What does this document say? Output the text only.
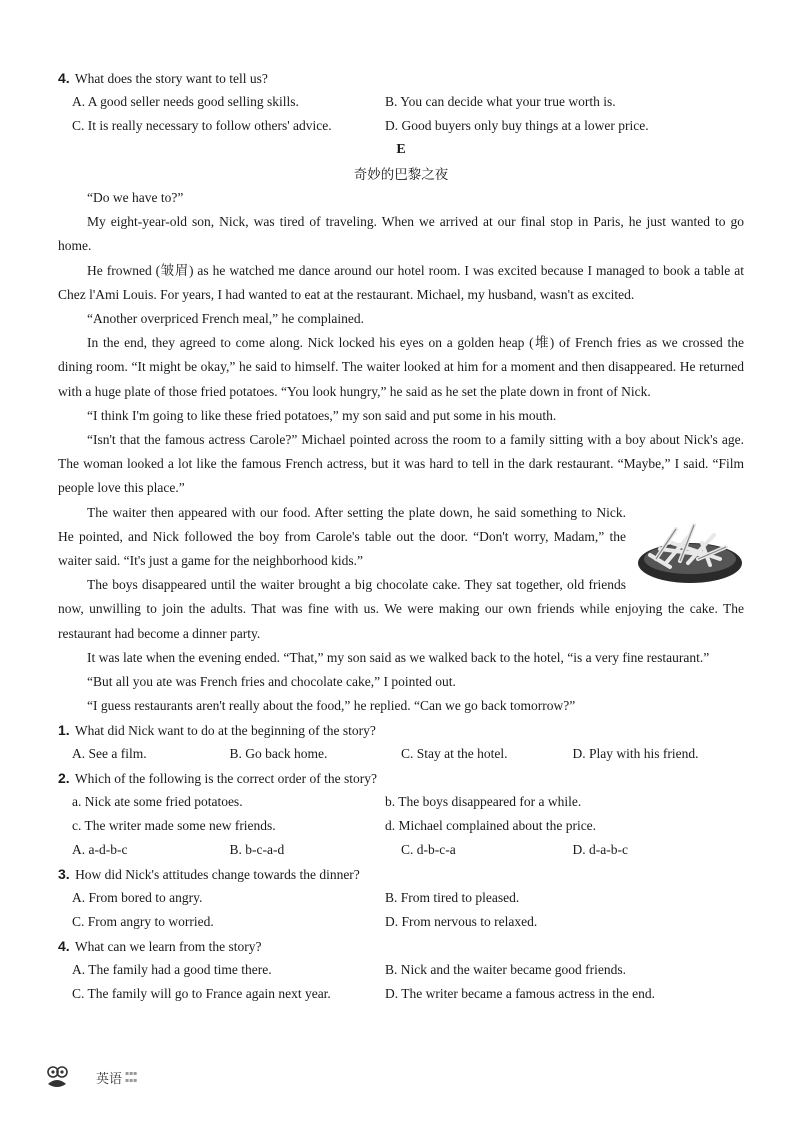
4. What does the story want to tell us?
A. A good seller needs good selling skills.	B. You can decide what your true worth is.
C. It is really necessary to follow others' advice.	D. Good buyers only buy things at a lower price.
E
奇妙的巴黎之夜

“Do we have to?”

My eight-year-old son, Nick, was tired of traveling. When we arrived at our final stop in Paris, he just wanted to go home.

He frowned (皱眉) as he watched me dance around our hotel room. I was excited because I managed to book a table at Chez l'Ami Louis. For years, I had wanted to eat at the restaurant. Michael, my husband, wasn't as excited.

“Another overpriced French meal,” he complained.

In the end, they agreed to come along. Nick locked his eyes on a golden heap (堆) of French fries as we crossed the dining room. “It might be okay,” he said to himself. The waiter looked at him for a moment and then disappeared. He returned with a huge plate of those fried potatoes. “You look hungry,” he said as he set the plate down in front of Nick.

“I think I'm going to like these fried potatoes,” my son said and put some in his mouth.

“Isn't that the famous actress Carole?” Michael pointed across the room to a family sitting with a boy about Nick's age. The woman looked a lot like the famous French actress, but it was hard to tell in the dark restaurant. “Maybe,” I said. “Film people love this place.”

The waiter then appeared with our food. After setting the plate down, he said something to Nick. He pointed, and Nick followed the boy from Carole's table out the door. “Don't worry, Madam,” the waiter said. “It's just a game for the neighborhood kids.”

The boys disappeared until the waiter brought a big chocolate cake. They sat together, old friends now, unwilling to join the adults. That was fine with us. We were making our own friends while enjoying the cake. The restaurant had become a dinner party.

It was late when the evening ended. “That,” my son said as we walked back to the hotel, “is a very fine restaurant.”

“But all you ate was French fries and chocolate cake,” I pointed out.

“I guess restaurants aren't really about the food,” he replied. “Can we go back tomorrow?”

1. What did Nick want to do at the beginning of the story?
A. See a film.	B. Go back home.	C. Stay at the hotel.	D. Play with his friend.
2. Which of the following is the correct order of the story?
a. Nick ate some fried potatoes.	b. The boys disappeared for a while.
c. The writer made some new friends.	d. Michael complained about the price.
A. a-d-b-c	B. b-c-a-d	C. d-b-c-a	D. d-a-b-c
3. How did Nick's attitudes change towards the dinner?
A. From bored to angry.	B. From tired to pleased.
C. From angry to worried.	D. From nervous to relaxed.
4. What can we learn from the story?
A. The family had a good time there.	B. Nick and the waiter became good friends.
C. The family will go to France again next year.	D. The writer became a famous actress in the end.
英语 ▪▪▪
▪▪▪
